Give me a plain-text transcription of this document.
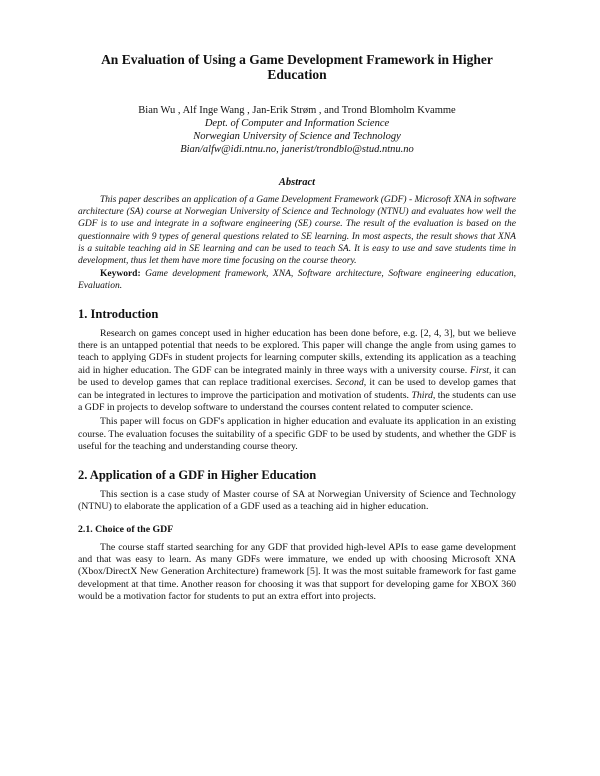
An Evaluation of Using a Game Development Framework in Higher Education
Bian Wu , Alf Inge Wang , Jan-Erik Strøm , and Trond Blomholm Kvamme
Dept. of Computer and Information Science
Norwegian University of Science and Technology
Bian/alfw@idi.ntnu.no, janerist/trondblo@stud.ntnu.no
Abstract
This paper describes an application of a Game Development Framework (GDF) - Microsoft XNA in software architecture (SA) course at Norwegian University of Science and Technology (NTNU) and evaluates how well the GDF is to use and integrate in a software engineering (SE) course. The result of the evaluation is based on the questionnaire with 9 types of general questions related to SE learning. In most aspects, the result shows that XNA is a suitable teaching aid in SE learning and can be used to teach SA. It is easy to use and save students time in development, thus let them have more time focusing on the course theory.
Keyword: Game development framework, XNA, Software architecture, Software engineering education, Evaluation.
1. Introduction

Research on games concept used in higher education has been done before, e.g. [2, 4, 3], but we believe there is an untapped potential that needs to be explored. This paper will change the angle from using games to teach to applying GDFs in student projects for learning computer skills, extending its application as a teaching aid in higher education. The GDF can be integrated mainly in three ways with a university course. First, it can be used to develop games that can replace traditional exercises. Second, it can be used to develop games that can be integrated in lectures to improve the participation and motivation of students. Third, the students can use a GDF in projects to develop software to understand the courses content related to computer science.

This paper will focus on GDF's application in higher education and evaluate its application in an existing course. The evaluation focuses the suitability of a specific GDF to be used by students, and whether the GDF is useful for the teaching and understanding course theory.

2. Application of a GDF in Higher Education

This section is a case study of Master course of SA at Norwegian University of Science and Technology (NTNU) to elaborate the application of a GDF used as a teaching aid in higher education.

2.1. Choice of the GDF

The course staff started searching for any GDF that provided high-level APIs to ease game development and that was easy to learn. As many GDFs were immature, we ended up with choosing Microsoft XNA (Xbox/DirectX New Generation Architecture) framework [5]. It was the most suitable framework for fast game development at that time. Another reason for choosing it was that support for developing game for XBOX 360 would be a motivation factor for students to put an extra effort into projects.
